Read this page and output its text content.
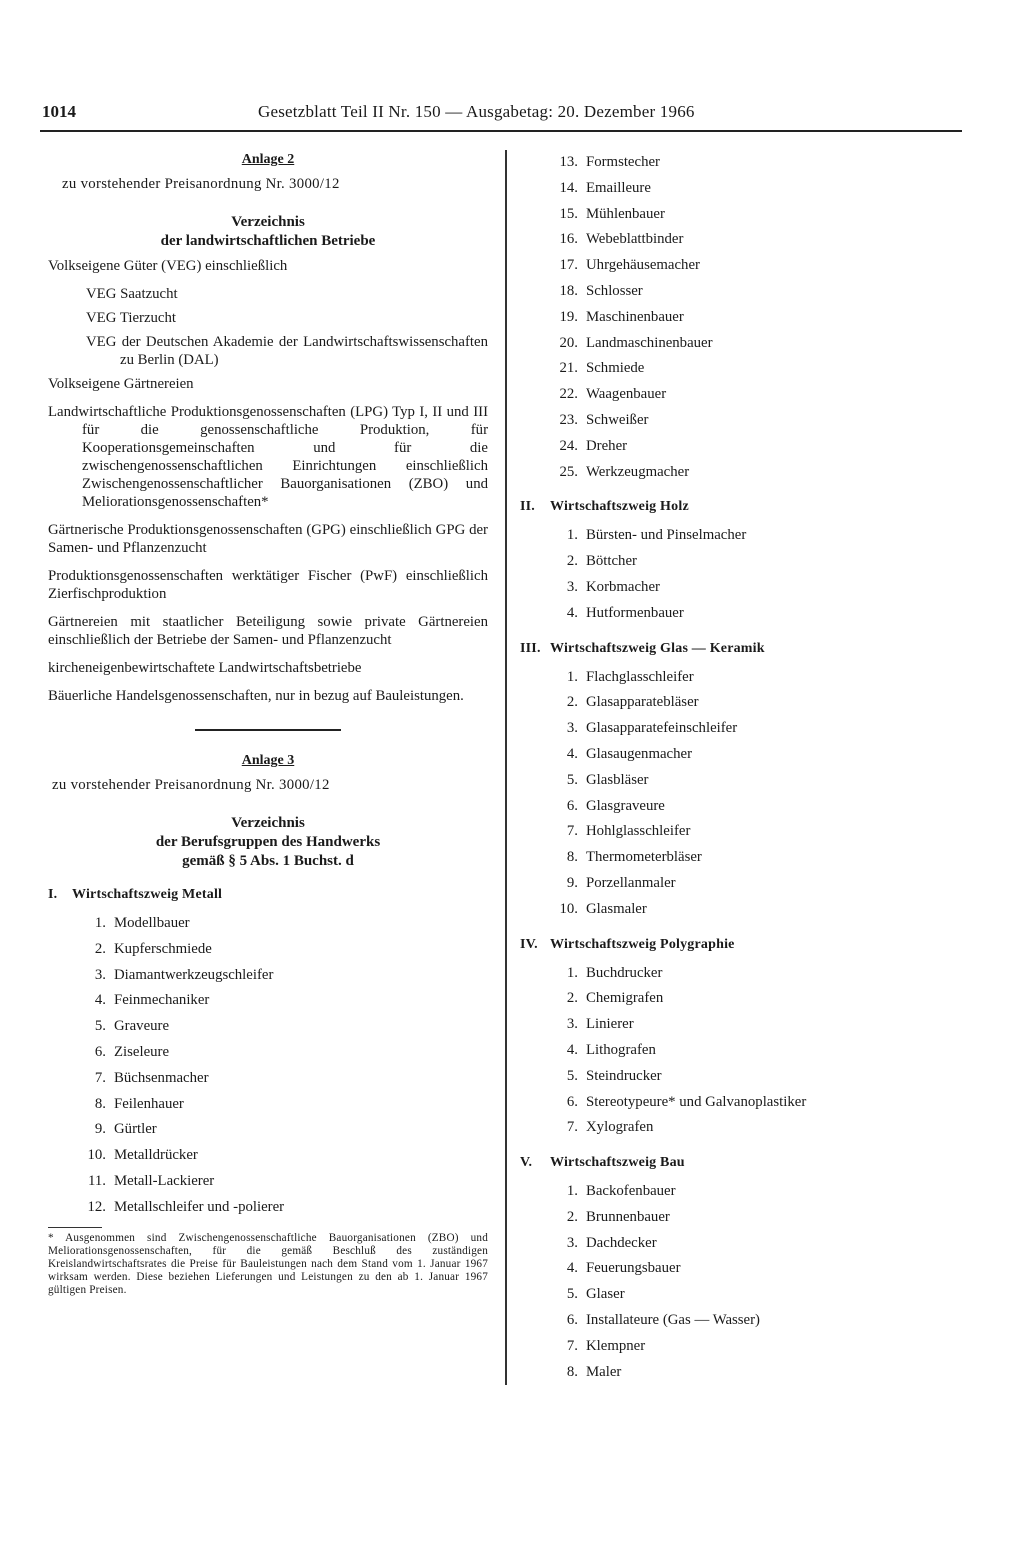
1014	Gesetzblatt Teil II Nr. 150 — Ausgabetag: 20. Dezember 1966
Anlage 2
zu vorstehender Preisanordnung Nr. 3000/12
Verzeichnis
der landwirtschaftlichen Betriebe
Volkseigene Güter (VEG) einschließlich
VEG Saatzucht
VEG Tierzucht
VEG der Deutschen Akademie der Landwirtschaftswissenschaften zu Berlin (DAL)
Volkseigene Gärtnereien
Landwirtschaftliche Produktionsgenossenschaften (LPG) Typ I, II und III für die genossenschaftliche Produktion, für Kooperationsgemeinschaften und für die zwischengenossenschaftlichen Einrichtungen einschließlich Zwischengenossenschaftlicher Bauorganisationen (ZBO) und Meliorationsgenossenschaften*
Gärtnerische Produktionsgenossenschaften (GPG) einschließlich GPG der Samen- und Pflanzenzucht
Produktionsgenossenschaften werktätiger Fischer (PwF) einschließlich Zierfischproduktion
Gärtnereien mit staatlicher Beteiligung sowie private Gärtnereien einschließlich der Betriebe der Samen- und Pflanzenzucht
kircheneigenbewirtschaftete Landwirtschaftsbetriebe
Bäuerliche Handelsgenossenschaften, nur in bezug auf Bauleistungen.
Anlage 3
zu vorstehender Preisanordnung Nr. 3000/12
Verzeichnis
der Berufsgruppen des Handwerks
gemäß § 5 Abs. 1 Buchst. d
I. Wirtschaftszweig Metall
1. Modellbauer
2. Kupferschmiede
3. Diamantwerkzeugschleifer
4. Feinmechaniker
5. Graveure
6. Ziseleure
7. Büchsenmacher
8. Feilenhauer
9. Gürtler
10. Metalldrücker
11. Metall-Lackierer
12. Metallschleifer und -polierer
* Ausgenommen sind Zwischengenossenschaftliche Bauorganisationen (ZBO) und Meliorationsgenossenschaften, für die gemäß Beschluß des zuständigen Kreislandwirtschaftsrates die Preise für Bauleistungen nach dem Stand vom 1. Januar 1967 wirksam werden. Diese beziehen Lieferungen und Leistungen zu den ab 1. Januar 1967 gültigen Preisen.
13. Formstecher
14. Emailleure
15. Mühlenbauer
16. Webeblattbinder
17. Uhrgehäusemacher
18. Schlosser
19. Maschinenbauer
20. Landmaschinenbauer
21. Schmiede
22. Waagenbauer
23. Schweißer
24. Dreher
25. Werkzeugmacher
II. Wirtschaftszweig Holz
1. Bürsten- und Pinselmacher
2. Böttcher
3. Korbmacher
4. Hutformenbauer
III. Wirtschaftszweig Glas — Keramik
1. Flachglasschleifer
2. Glasapparatebläser
3. Glasapparatefeinschleifer
4. Glasaugenmacher
5. Glasbläser
6. Glasgraveure
7. Hohlglasschleifer
8. Thermometerbläser
9. Porzellanmaler
10. Glasmaler
IV. Wirtschaftszweig Polygraphie
1. Buchdrucker
2. Chemigrafen
3. Linierer
4. Lithografen
5. Steindrucker
6. Stereotypeure* und Galvanoplastiker
7. Xylografen
V. Wirtschaftszweig Bau
1. Backofenbauer
2. Brunnenbauer
3. Dachdecker
4. Feuerungsbauer
5. Glaser
6. Installateure (Gas — Wasser)
7. Klempner
8. Maler
